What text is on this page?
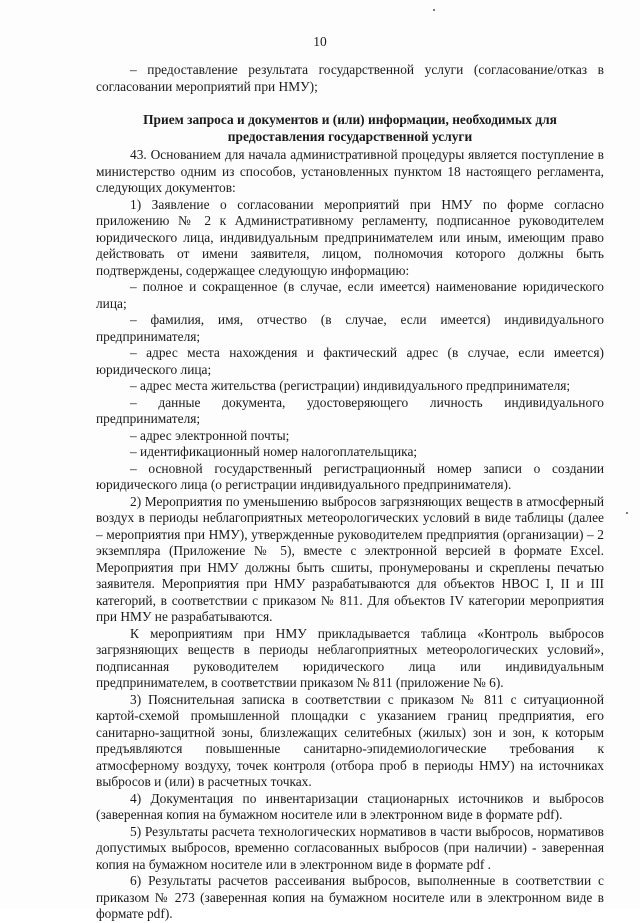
10

– предоставление результата государственной услуги (согласование/отказ в согласовании мероприятий при НМУ);

Прием запроса и документов и (или) информации, необходимых для предоставления государственной услуги

43. Основанием для начала административной процедуры является поступление в министерство одним из способов, установленных пунктом 18 настоящего регламента, следующих документов:

1) Заявление о согласовании мероприятий при НМУ по форме согласно приложению № 2 к Административному регламенту, подписанное руководителем юридического лица, индивидуальным предпринимателем или иным, имеющим право действовать от имени заявителя, лицом, полномочия которого должны быть подтверждены, содержащее следующую информацию:

– полное и сокращенное (в случае, если имеется) наименование юридического лица;

– фамилия, имя, отчество (в случае, если имеется) индивидуального предпринимателя;

– адрес места нахождения и фактический адрес (в случае, если имеется) юридического лица;

– адрес места жительства (регистрации) индивидуального предпринимателя;

– данные документа, удостоверяющего личность индивидуального предпринимателя;

– адрес электронной почты;

– идентификационный номер налогоплательщика;

– основной государственный регистрационный номер записи о создании юридического лица (о регистрации индивидуального предпринимателя).

2) Мероприятия по уменьшению выбросов загрязняющих веществ в атмосферный воздух в периоды неблагоприятных метеорологических условий в виде таблицы (далее – мероприятия при НМУ), утвержденные руководителем предприятия (организации) – 2 экземпляра (Приложение № 5), вместе с электронной версией в формате Excel. Мероприятия при НМУ должны быть сшиты, пронумерованы и скреплены печатью заявителя. Мероприятия при НМУ разрабатываются для объектов НВОС I, II и III категорий, в соответствии с приказом № 811. Для объектов IV категории мероприятия при НМУ не разрабатываются.

К мероприятиям при НМУ прикладывается таблица «Контроль выбросов загрязняющих веществ в периоды неблагоприятных метеорологических условий», подписанная руководителем юридического лица или индивидуальным предпринимателем, в соответствии приказом № 811 (приложение № 6).

3) Пояснительная записка в соответствии с приказом № 811 с ситуационной картой-схемой промышленной площадки с указанием границ предприятия, его санитарно-защитной зоны, близлежащих селитебных (жилых) зон и зон, к которым предъявляются повышенные санитарно-эпидемиологические требования к атмосферному воздуху, точек контроля (отбора проб в периоды НМУ) на источниках выбросов и (или) в расчетных точках.

4) Документация по инвентаризации стационарных источников и выбросов (заверенная копия на бумажном носителе или в электронном виде в формате pdf).

5) Результаты расчета технологических нормативов в части выбросов, нормативов допустимых выбросов, временно согласованных выбросов (при наличии) - заверенная копия на бумажном носителе или в электронном виде в формате pdf .

6) Результаты расчетов рассеивания выбросов, выполненные в соответствии с приказом № 273 (заверенная копия на бумажном носителе или в электронном виде в формате pdf).
